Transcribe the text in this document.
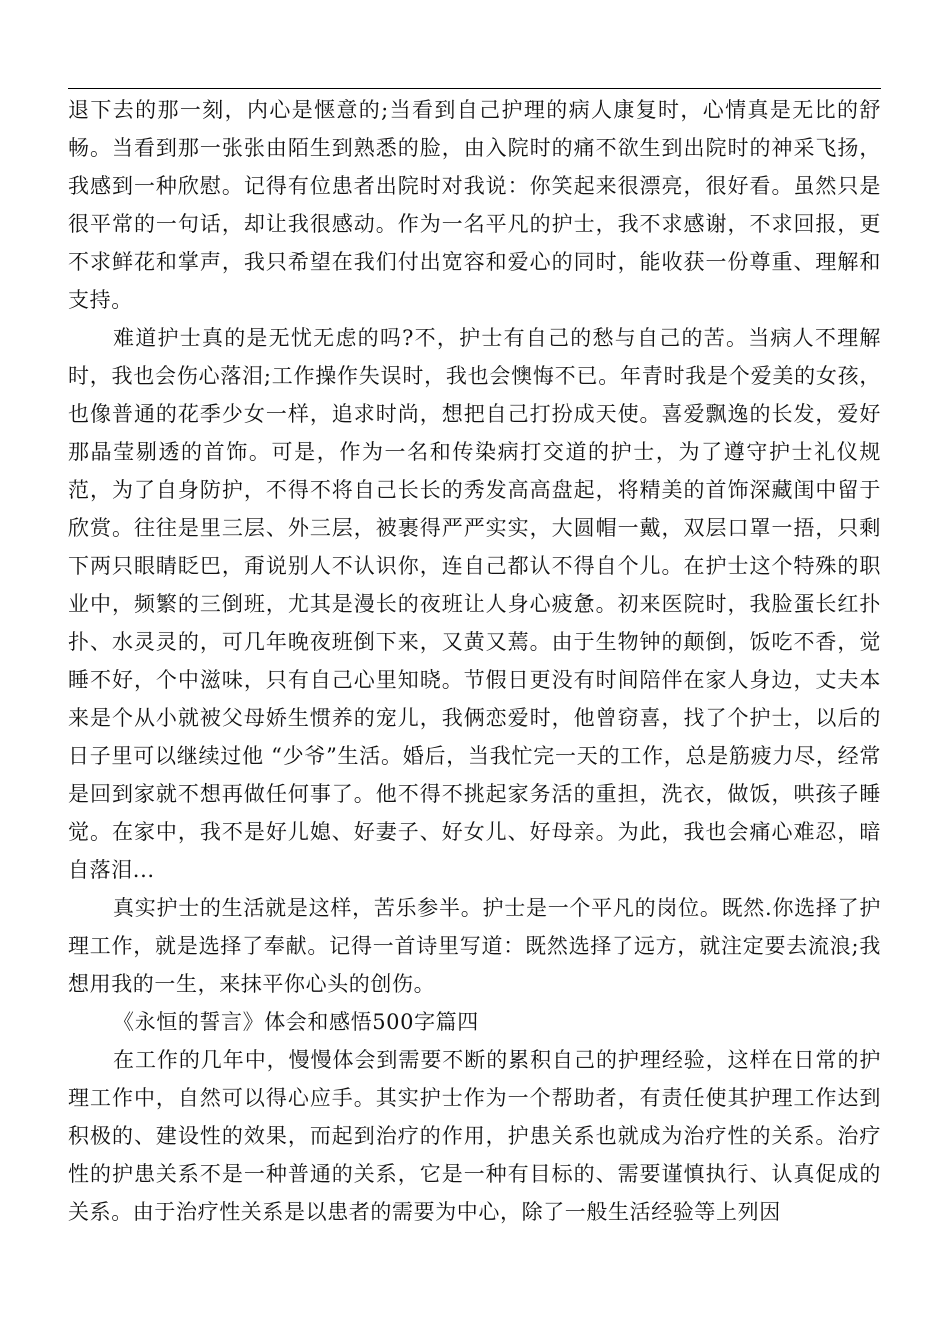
退下去的那一刻，内心是惬意的;当看到自己护理的病人康复时，心情真是无比的舒畅。当看到那一张张由陌生到熟悉的脸，由入院时的痛不欲生到出院时的神采飞扬，我感到一种欣慰。记得有位患者出院时对我说：你笑起来很漂亮，很好看。虽然只是很平常的一句话，却让我很感动。作为一名平凡的护士，我不求感谢，不求回报，更不求鲜花和掌声，我只希望在我们付出宽容和爱心的同时，能收获一份尊重、理解和支持。

难道护士真的是无忧无虑的吗?不，护士有自己的愁与自己的苦。当病人不理解时，我也会伤心落泪;工作操作失误时，我也会懊悔不已。年青时我是个爱美的女孩，也像普通的花季少女一样，追求时尚，想把自己打扮成天使。喜爱飘逸的长发，爱好那晶莹剔透的首饰。可是，作为一名和传染病打交道的护士，为了遵守护士礼仪规范，为了自身防护，不得不将自己长长的秀发高高盘起，将精美的首饰深藏闺中留于欣赏。往往是里三层、外三层，被裹得严严实实，大圆帽一戴，双层口罩一捂，只剩 下两只眼睛眨巴，甭说别人不认识你，连自己都认不得自个儿。在护士这个特殊的职业中，频繁的三倒班，尤其是漫长的夜班让人身心疲惫。初来医院时，我脸蛋长红扑扑、水灵灵的，可几年晚夜班倒下来，又黄又蔫。由于生物钟的颠倒，饭吃不香，觉睡不好，个中滋味，只有自己心里知晓。节假日更没有时间陪伴在家人身边，丈夫本来是个从小就被父母娇生惯养的宠儿，我俩恋爱时，他曾窃喜，找了个护士，以后的日子里可以继续过他 “少爷”生活。婚后，当我忙完一天的工作，总是筋疲力尽，经常是回到家就不想再做任何事了。他不得不挑起家务活的重担，洗衣，做饭，哄孩子睡觉。在家中，我不是好儿媳、好妻子、好女儿、好母亲。为此，我也会痛心难忍，暗自落泪...

真实护士的生活就是这样，苦乐参半。护士是一个平凡的岗位。既然.你选择了护理工作，就是选择了奉献。记得一首诗里写道：既然选择了远方，就注定要去流浪;我想用我的一生，来抹平你心头的创伤。

《永恒的誓言》体会和感悟500字篇四

在工作的几年中，慢慢体会到需要不断的累积自己的护理经验，这样在日常的护理工作中，自然可以得心应手。其实护士作为一个帮助者，有责任使其护理工作达到积极的、建设性的效果，而起到治疗的作用，护患关系也就成为治疗性的关系。治疗性的护患关系不是一种普通的关系，它是一种有目标的、需要谨慎执行、认真促成的关系。由于治疗性关系是以患者的需要为中心，除了一般生活经验等上列因
